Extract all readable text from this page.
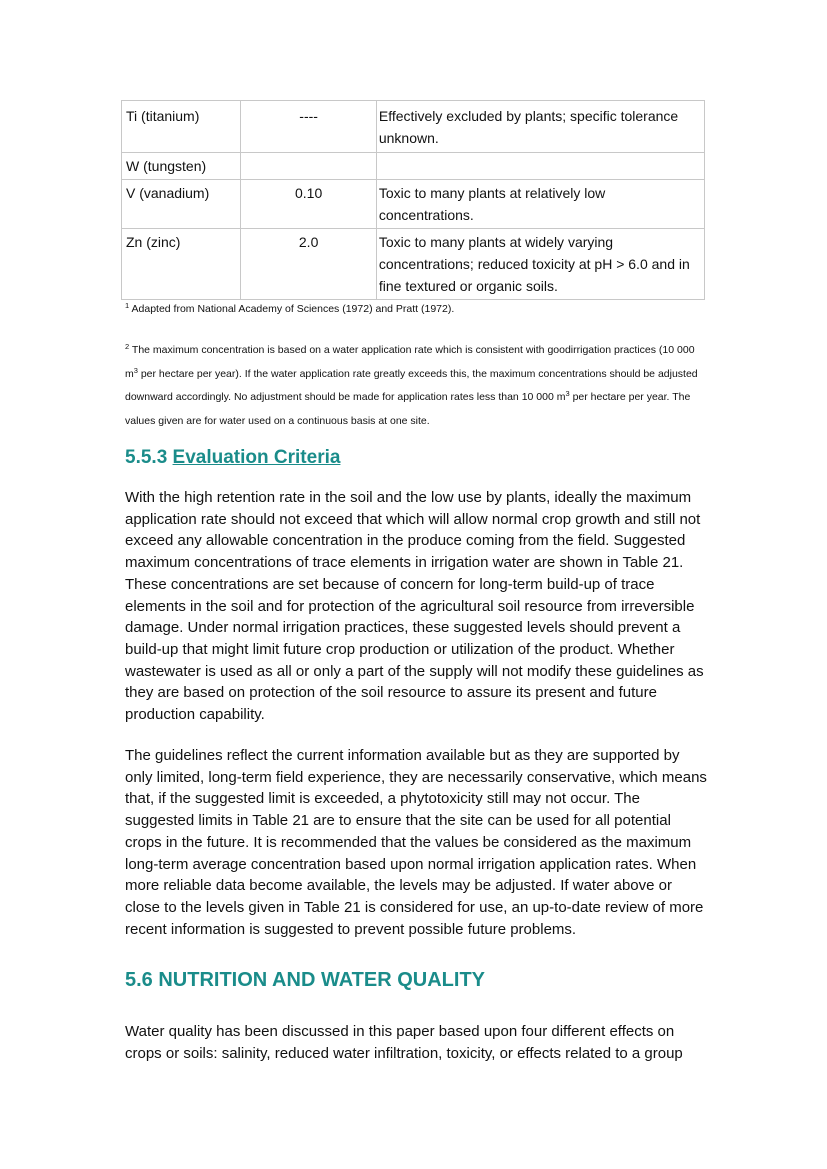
Ti (titanium)	----	Effectively excluded by plants; specific tolerance unknown.
W (tungsten)		
V (vanadium)	0.10	Toxic to many plants at relatively low concentrations.
Zn (zinc)	2.0	Toxic to many plants at widely varying concentrations; reduced toxicity at pH > 6.0 and in fine textured or organic soils.
$^1$ Adapted from National Academy of Sciences (1972) and Pratt (1972).
$^2$ The maximum concentration is based on a water application rate which is consistent with goodirrigation practices (10 000 $m^3$ per hectare per year). If the water application rate greatly exceeds this, the maximum concentrations should be adjusted downward accordingly. No adjustment should be made for application rates less than 10 000 $m^3$ per hectare per year. The values given are for water used on a continuous basis at one site.
5.5.3 Evaluation Criteria

With the high retention rate in the soil and the low use by plants, ideally the maximum application rate should not exceed that which will allow normal crop growth and still not exceed any allowable concentration in the produce coming from the field. Suggested maximum concentrations of trace elements in irrigation water are shown in Table 21. These concentrations are set because of concern for long-term build-up of trace elements in the soil and for protection of the agricultural soil resource from irreversible damage. Under normal irrigation practices, these suggested levels should prevent a build-up that might limit future crop production or utilization of the product. Whether wastewater is used as all or only a part of the supply will not modify these guidelines as they are based on protection of the soil resource to assure its present and future production capability.

The guidelines reflect the current information available but as they are supported by only limited, long-term field experience, they are necessarily conservative, which means that, if the suggested limit is exceeded, a phytotoxicity still may not occur. The suggested limits in Table 21 are to ensure that the site can be used for all potential crops in the future. It is recommended that the values be considered as the maximum long-term average concentration based upon normal irrigation application rates. When more reliable data become available, the levels may be adjusted. If water above or close to the levels given in Table 21 is considered for use, an up-to-date review of more recent information is suggested to prevent possible future problems.

5.6 NUTRITION AND WATER QUALITY

Water quality has been discussed in this paper based upon four different effects on crops or soils: salinity, reduced water infiltration, toxicity, or effects related to a group
